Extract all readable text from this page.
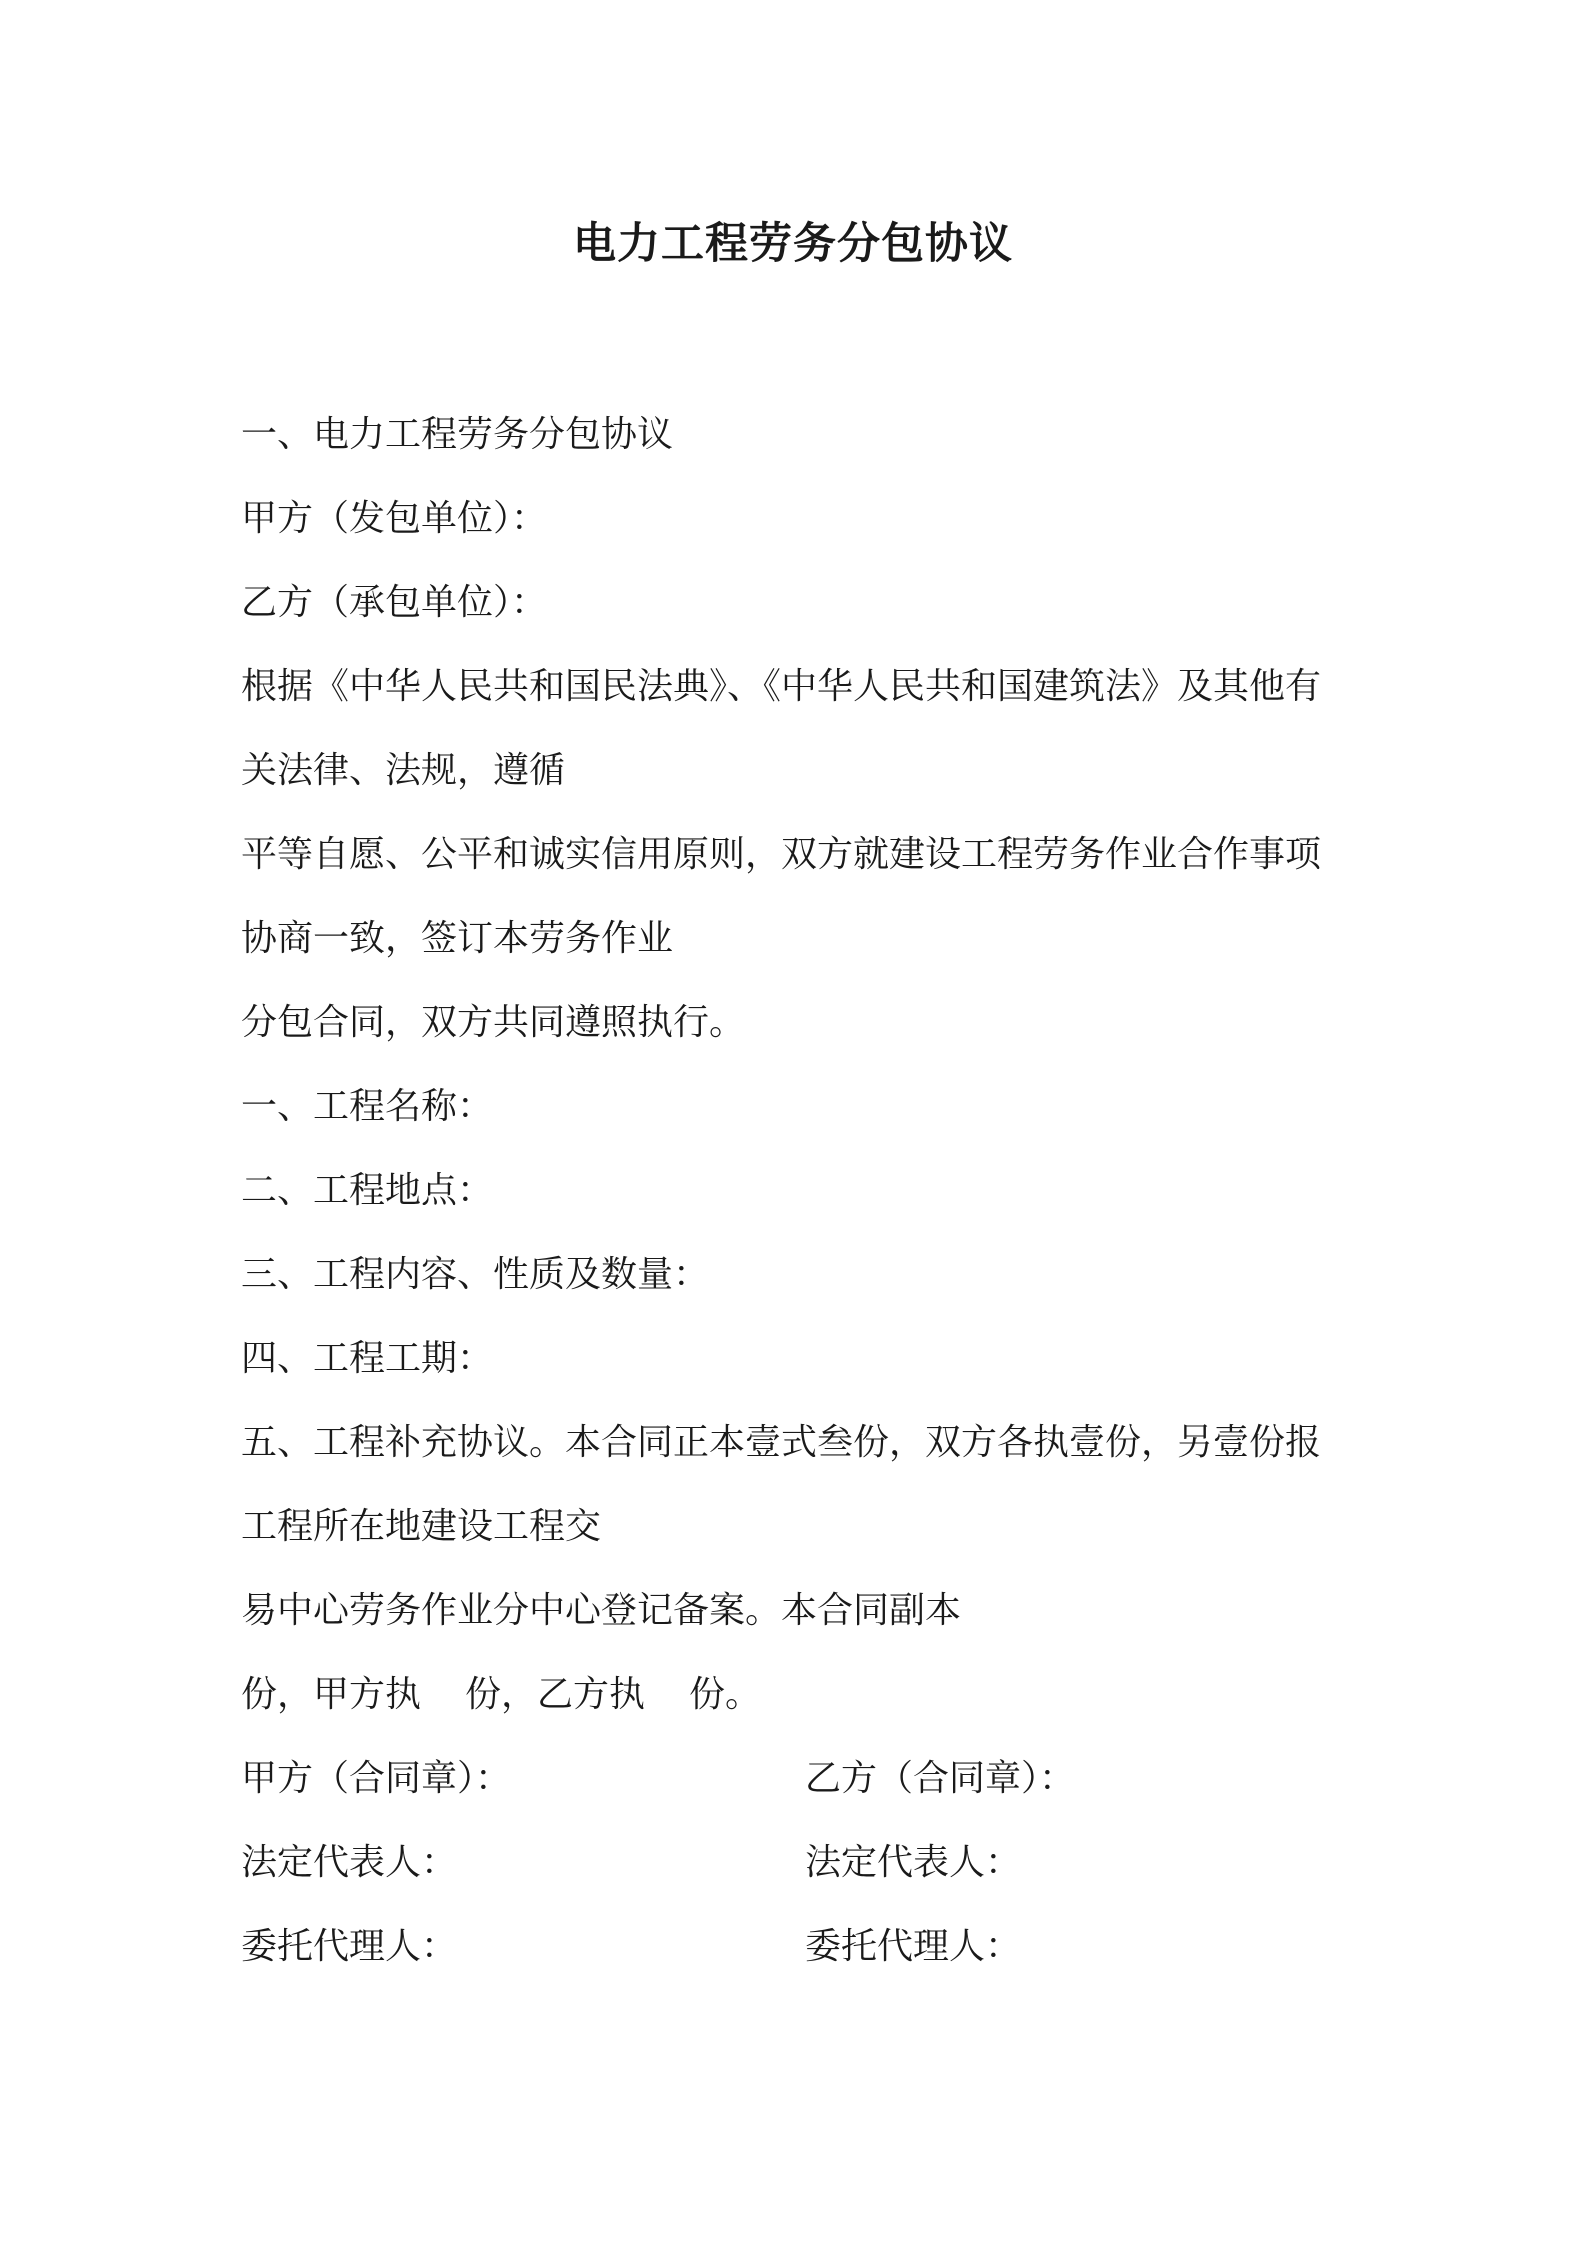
电力工程劳务分包协议
一、电力工程劳务分包协议
甲方（发包单位）：
乙方（承包单位）：
根据《中华人民共和国民法典》、《中华人民共和国建筑法》及其他有
关法律、法规，遵循
平等自愿、公平和诚实信用原则，双方就建设工程劳务作业合作事项
协商一致，签订本劳务作业
分包合同，双方共同遵照执行。
一、工程名称：
二、工程地点：
三、工程内容、性质及数量：
四、工程工期：
五、工程补充协议。本合同正本壹式叁份，双方各执壹份，另壹份报
工程所在地建设工程交
易中心劳务作业分中心登记备案。本合同副本
份，甲方执 份，乙方执 份。
甲方（合同章）：	乙方（合同章）：
法定代表人：	法定代表人：
委托代理人：	委托代理人：
